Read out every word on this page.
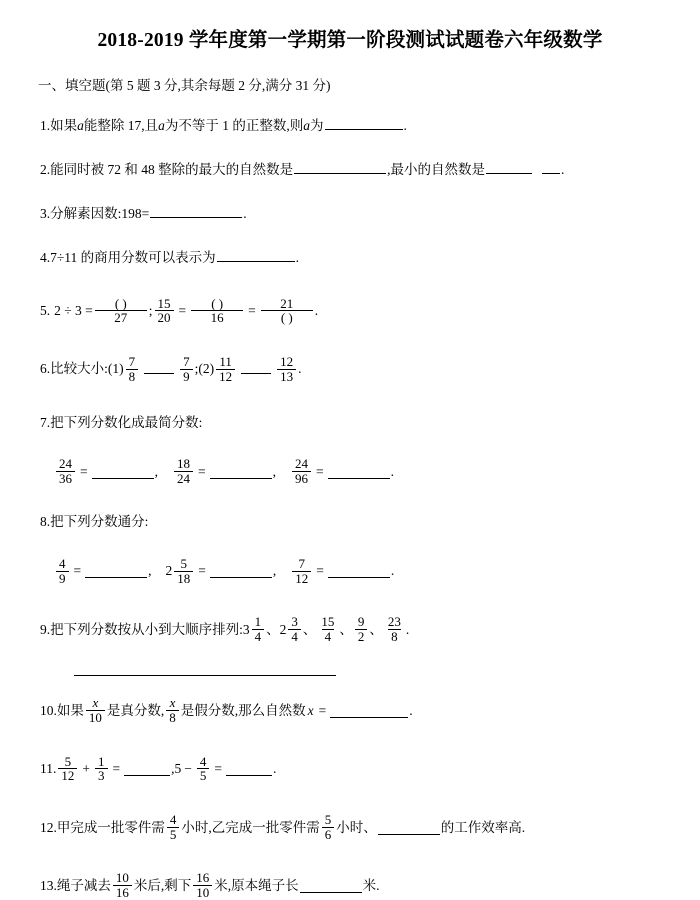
2018-2019 学年度第一学期第一阶段测试试题卷六年级数学
一、填空题(第 5 题 3 分,其余每题 2 分,满分 31 分)
1.如果a能整除 17,且a为不等于 1 的正整数,则a为	.
2.能同时被 72 和 48 整除的最大的自然数是	,最小的自然数是	.
3.分解素因数:198=	.
4.7÷11 的商用分数可以表示为	.
5. $2 \div 3 = \frac{( )}{27}$ ; $\frac{15}{20} = \frac{( )}{16} = \frac{21}{( )}$ .
6. 比较大小:(1) $\frac{7}{8}$	$\frac{7}{9}$ ;(2) $\frac{11}{12}$	$\frac{12}{13}$ .
7.把下列分数化成最简分数:
$\frac{24}{36}$ =	, $\frac{18}{24}$ =	, $\frac{24}{96}$ =	.
8.把下列分数通分:
$\frac{4}{9}$ =	, $2 \frac{5}{18}$ =	, $\frac{7}{12}$ =	.
9. 把下列分数按从小到大顺序排列: $3 \frac{1}{4}$ 、 $2 \frac{3}{4}$ 、 $\frac{15}{4}$ 、 $\frac{9}{2}$ 、 $\frac{23}{8}$ .
10. 如果 $\frac{x}{10}$ 是真分数, $\frac{x}{8}$ 是假分数,那么自然数 x =	.
11. $\frac{5}{12} + \frac{1}{3}$ =	$,5 - \frac{4}{5}$ =	.
12. 甲完成一批零件需 $\frac{4}{5}$ 小时,乙完成一批零件需 $\frac{5}{6}$ 小时、	的工作效率高.
13. 绳子减去 $\frac{10}{16}$ 米后,剩下 $\frac{16}{10}$ 米,原本绳子长	米.
